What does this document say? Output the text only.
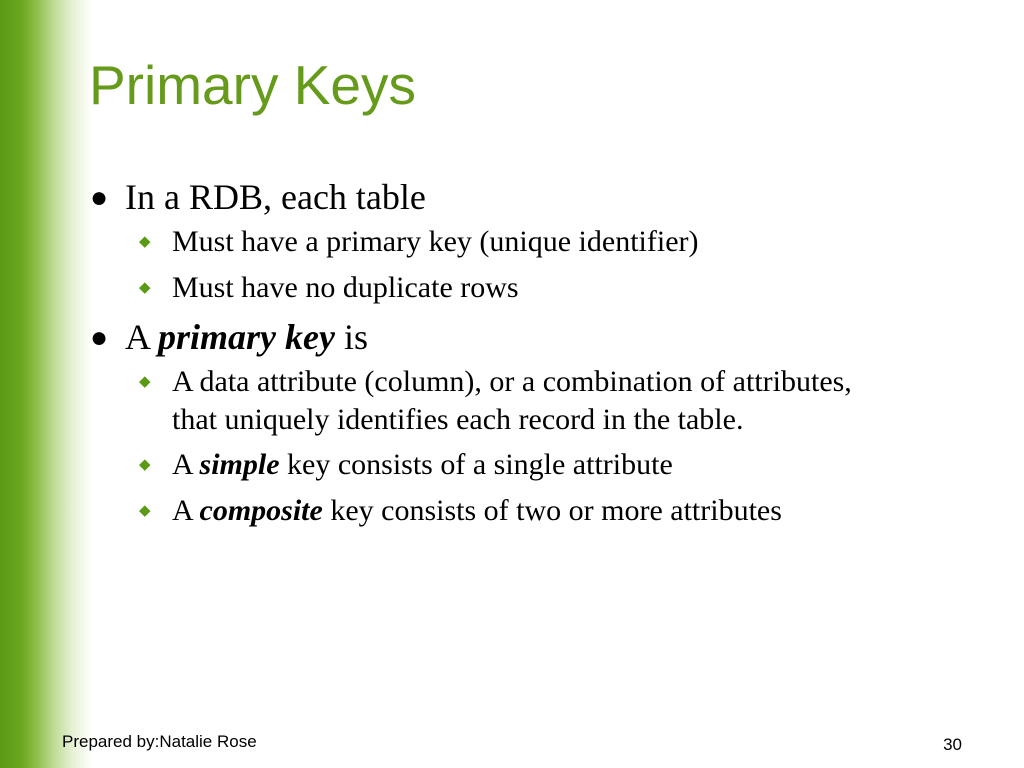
Primary Keys
● In a RDB, each table
◆ Must have a primary key (unique identifier)
◆ Must have no duplicate rows
● A primary key is
◆ A data attribute (column), or a combination of attributes, that uniquely identifies each record in the table.
◆ A simple key consists of a single attribute
◆ A composite key consists of two or more attributes
Prepared by:Natalie Rose	30
